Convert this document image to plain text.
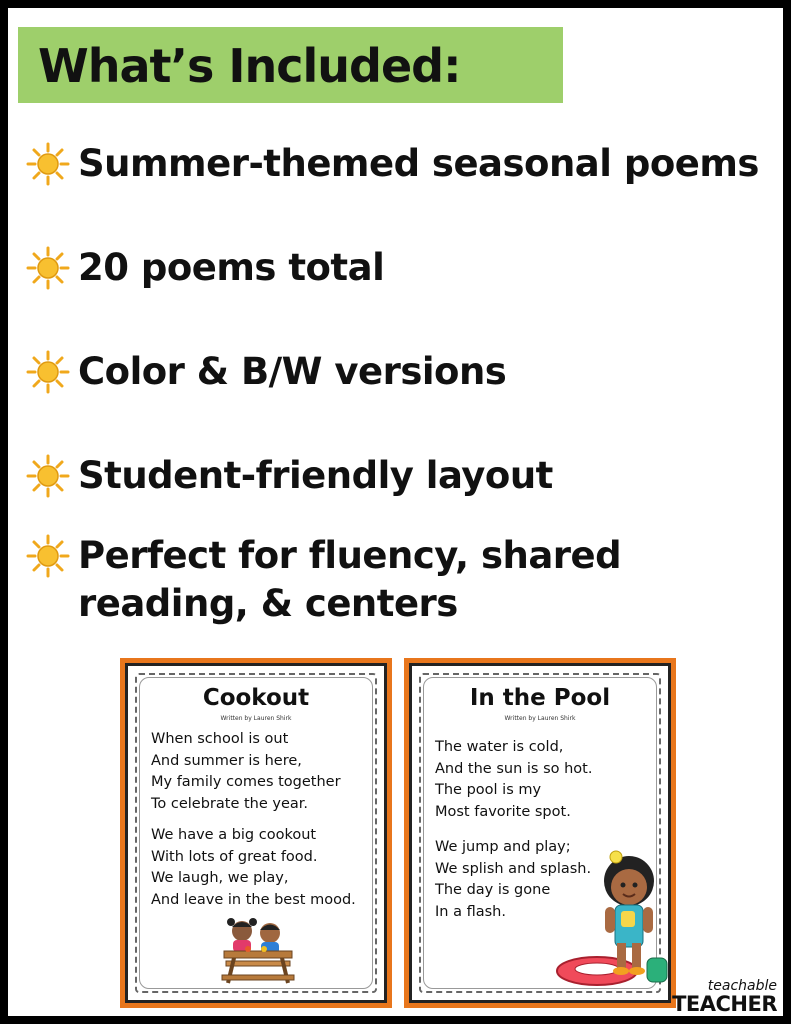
What’s Included:
Summer-themed seasonal poems
20 poems total
Color & B/W versions
Student-friendly layout
Perfect for fluency, shared
reading, & centers
Cookout
Written by Lauren Shirk
When school is out
And summer is here,
My family comes together
To celebrate the year.
We have a big cookout
With lots of great food.
We laugh, we play,
And leave in the best mood.
In the Pool
Written by Lauren Shirk
The water is cold,
And the sun is so hot.
The pool is my
Most favorite spot.
We jump and play;
We splish and splash.
The day is gone
In a flash.
teachable
TEACHER
